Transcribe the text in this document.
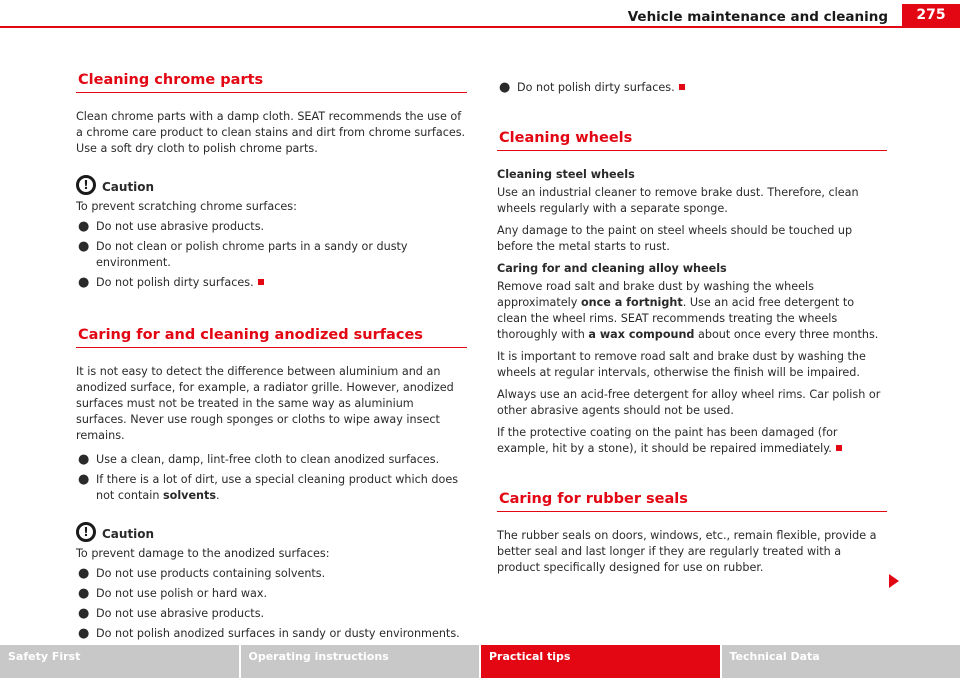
Vehicle maintenance and cleaning	275
Cleaning chrome parts

Clean chrome parts with a damp cloth. SEAT recommends the use of a chrome care product to clean stains and dirt from chrome surfaces. Use a soft dry cloth to polish chrome parts.

!	Caution

To prevent scratching chrome surfaces:

● Do not use abrasive products.
● Do not clean or polish chrome parts in a sandy or dusty environment.
● Do not polish dirty surfaces.
Caring for and cleaning anodized surfaces

It is not easy to detect the difference between aluminium and an anodized surface, for example, a radiator grille. However, anodized surfaces must not be treated in the same way as aluminium surfaces. Never use rough sponges or cloths to wipe away insect remains.

● Use a clean, damp, lint-free cloth to clean anodized surfaces.
● If there is a lot of dirt, use a special cleaning product which does not contain solvents.
!	Caution

To prevent damage to the anodized surfaces:

● Do not use products containing solvents.
● Do not use polish or hard wax.
● Do not use abrasive products.
● Do not polish anodized surfaces in sandy or dusty environments.
● Do not polish dirty surfaces.
Cleaning wheels

Cleaning steel wheels

Use an industrial cleaner to remove brake dust. Therefore, clean wheels regularly with a separate sponge.

Any damage to the paint on steel wheels should be touched up before the metal starts to rust.

Caring for and cleaning alloy wheels

Remove road salt and brake dust by washing the wheels approximately once a fortnight. Use an acid free detergent to clean the wheel rims. SEAT recommends treating the wheels thoroughly with a wax compound about once every three months.

It is important to remove road salt and brake dust by washing the wheels at regular intervals, otherwise the finish will be impaired.

Always use an acid-free detergent for alloy wheel rims. Car polish or other abrasive agents should not be used.

If the protective coating on the paint has been damaged (for example, hit by a stone), it should be repaired immediately.

Caring for rubber seals

The rubber seals on doors, windows, etc., remain flexible, provide a better seal and last longer if they are regularly treated with a product specifically designed for use on rubber.

Safety First	Operating instructions	Practical tips	Technical Data
